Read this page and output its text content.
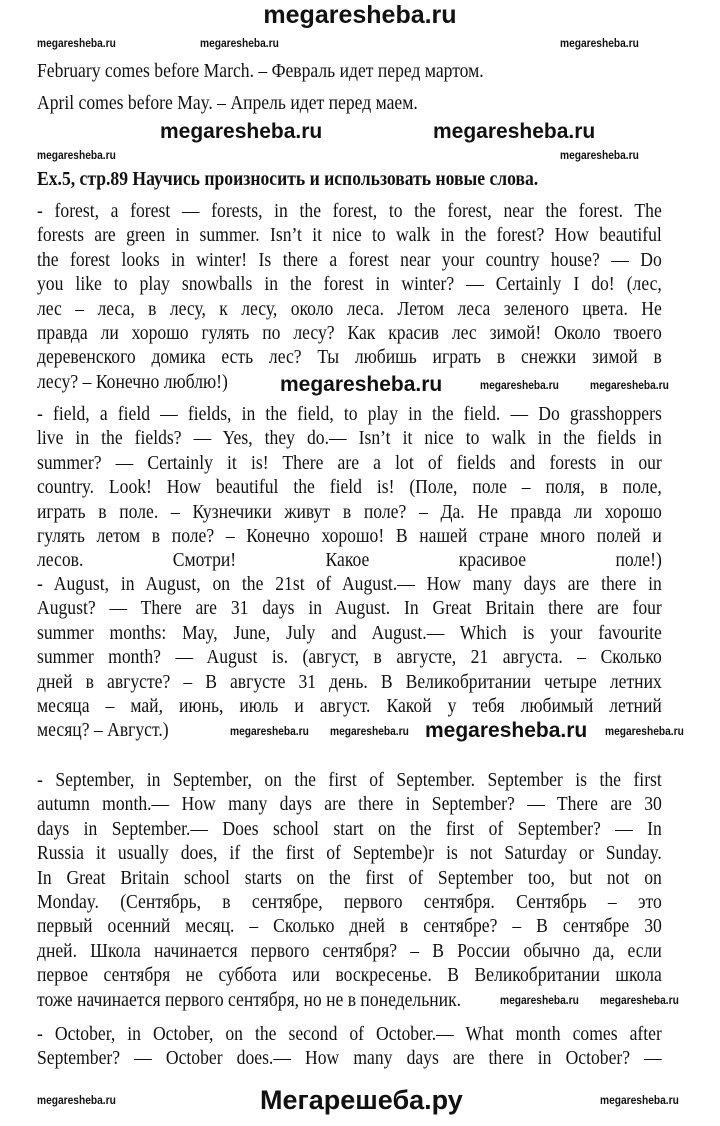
megaresheba.ru
February comes before March. – Февраль идет перед мартом.
April comes before May. – Апрель идет перед маем.
Ex.5, стр.89 Научись произносить и использовать новые слова.
- forest, a forest — forests, in the forest, to the forest, near the forest. The
forests are green in summer. Isn’t it nice to walk in the forest? How beautiful
the forest looks in winter! Is there a forest near your country house? — Do
you like to play snowballs in the forest in winter? — Certainly I do! (лес,
лес – леса, в лесу, к лесу, около леса. Летом леса зеленого цвета. Не
правда ли хорошо гулять по лесу? Как красив лес зимой! Около твоего
деревенского домика есть лес? Ты любишь играть в снежки зимой в
лесу? – Конечно люблю!)
- field, a field — fields, in the field, to play in the field. — Do grasshoppers
live in the fields? — Yes, they do.— Isn’t it nice to walk in the fields in
summer? — Certainly it is! There are a lot of fields and forests in our
country. Look! How beautiful the field is! (Поле, поле – поля, в поле,
играть в поле. – Кузнечики живут в поле? – Да. Не правда ли хорошо
гулять летом в поле? – Конечно хорошо! В нашей стране много полей и
лесов. Смотри! Какое красивое поле!)
- August, in August, on the 21st of August.— How many days are there in
August? — There are 31 days in August. In Great Britain there are four
summer months: May, June, July and August.— Which is your favourite
summer month? — August is. (август, в августе, 21 августа. – Сколько
дней в августе? – В августе 31 день. В Великобритании четыре летних
месяца – май, июнь, июль и август. Какой у тебя любимый летний
месяц? – Август.)
- September, in September, on the first of September. September is the first
autumn month.— How many days are there in September? — There are 30
days in September.— Does school start on the first of September? — In
Russia it usually does, if the first of Septembe)r is not Saturday or Sunday.
In Great Britain school starts on the first of September too, but not on
Monday. (Сентябрь, в сентябре, первого сентября. Сентябрь – это
первый осенний месяц. – Сколько дней в сентябре? – В сентябре 30
дней. Школа начинается первого сентября? – В России обычно да, если
первое сентября не суббота или воскресенье. В Великобритании школа
тоже начинается первого сентября, но не в понедельник.
- October, in October, on the second of October.— What month comes after
September? — October does.— How many days are there in October? —
megaresheba.ru	megaresheba.ru	megaresheba.ru
megaresheba.ru	megaresheba.ru
megaresheba.ru	megaresheba.ru
megaresheba.ru	megaresheba.ru	megaresheba.ru
megaresheba.ru megaresheba.ru megaresheba.ru megaresheba.ru
megaresheba.ru megaresheba.ru
megaresheba.ru	megaresheba.ru
Мегарешеба.ру
